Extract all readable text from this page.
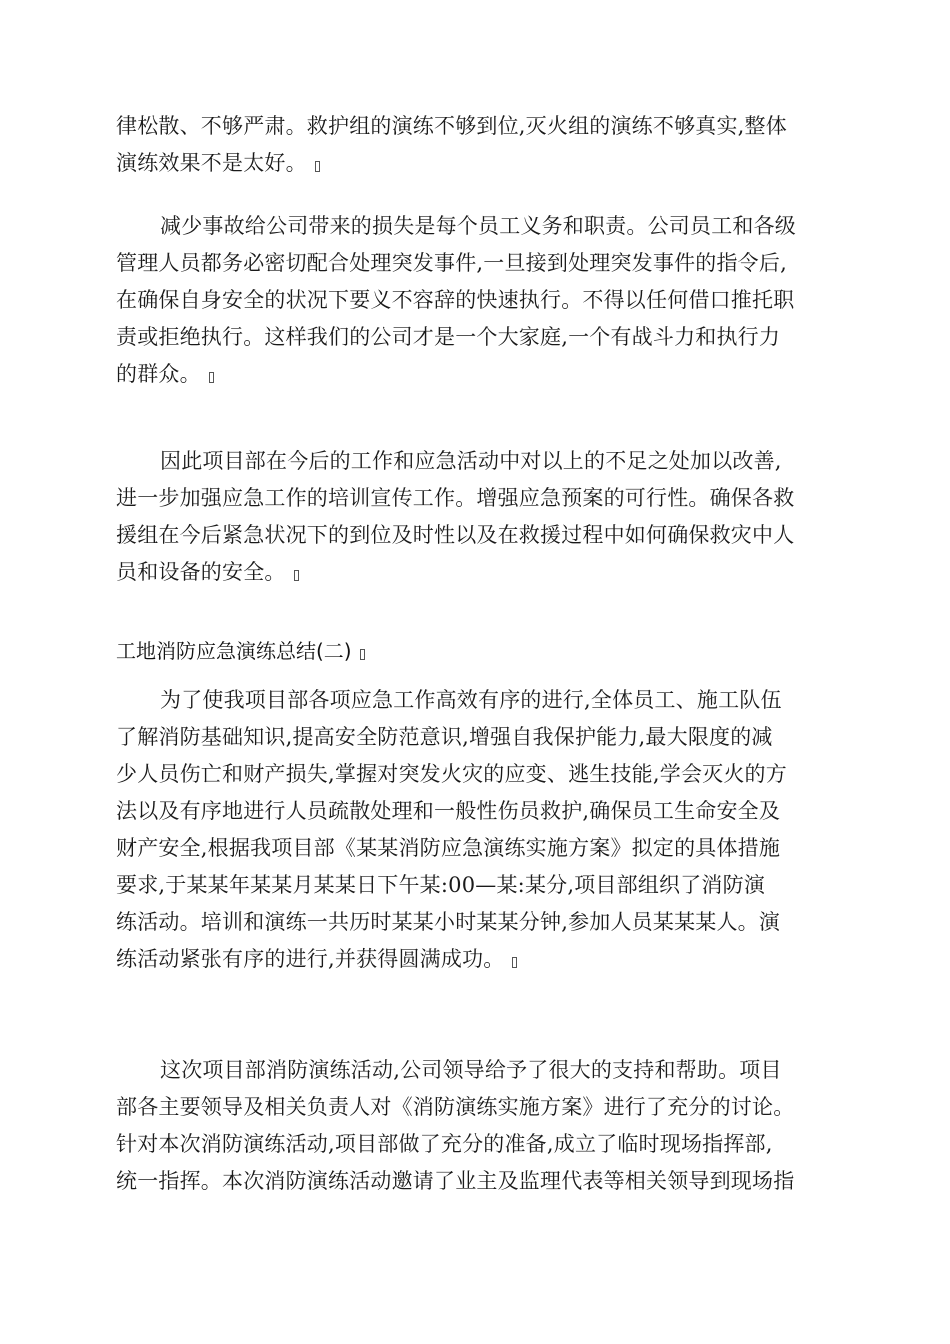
律松散、不够严肃。救护组的演练不够到位,灭火组的演练不够真实,整体
演练效果不是太好。
减少事故给公司带来的损失是每个员工义务和职责。公司员工和各级
管理人员都务必密切配合处理突发事件,一旦接到处理突发事件的指令后,
在确保自身安全的状况下要义不容辞的快速执行。不得以任何借口推托职
责或拒绝执行。这样我们的公司才是一个大家庭,一个有战斗力和执行力
的群众。
因此项目部在今后的工作和应急活动中对以上的不足之处加以改善,
进一步加强应急工作的培训宣传工作。增强应急预案的可行性。确保各救
援组在今后紧急状况下的到位及时性以及在救援过程中如何确保救灾中人
员和设备的安全。
工地消防应急演练总结(二)
为了使我项目部各项应急工作高效有序的进行,全体员工、施工队伍
了解消防基础知识,提高安全防范意识,增强自我保护能力,最大限度的减
少人员伤亡和财产损失,掌握对突发火灾的应变、逃生技能,学会灭火的方
法以及有序地进行人员疏散处理和一般性伤员救护,确保员工生命安全及
财产安全,根据我项目部《某某消防应急演练实施方案》拟定的具体措施
要求,于某某年某某月某某日下午某:00—某:某分,项目部组织了消防演
练活动。培训和演练一共历时某某小时某某分钟,参加人员某某某人。演
练活动紧张有序的进行,并获得圆满成功。
这次项目部消防演练活动,公司领导给予了很大的支持和帮助。项目
部各主要领导及相关负责人对《消防演练实施方案》进行了充分的讨论。
针对本次消防演练活动,项目部做了充分的准备,成立了临时现场指挥部,
统一指挥。本次消防演练活动邀请了业主及监理代表等相关领导到现场指
